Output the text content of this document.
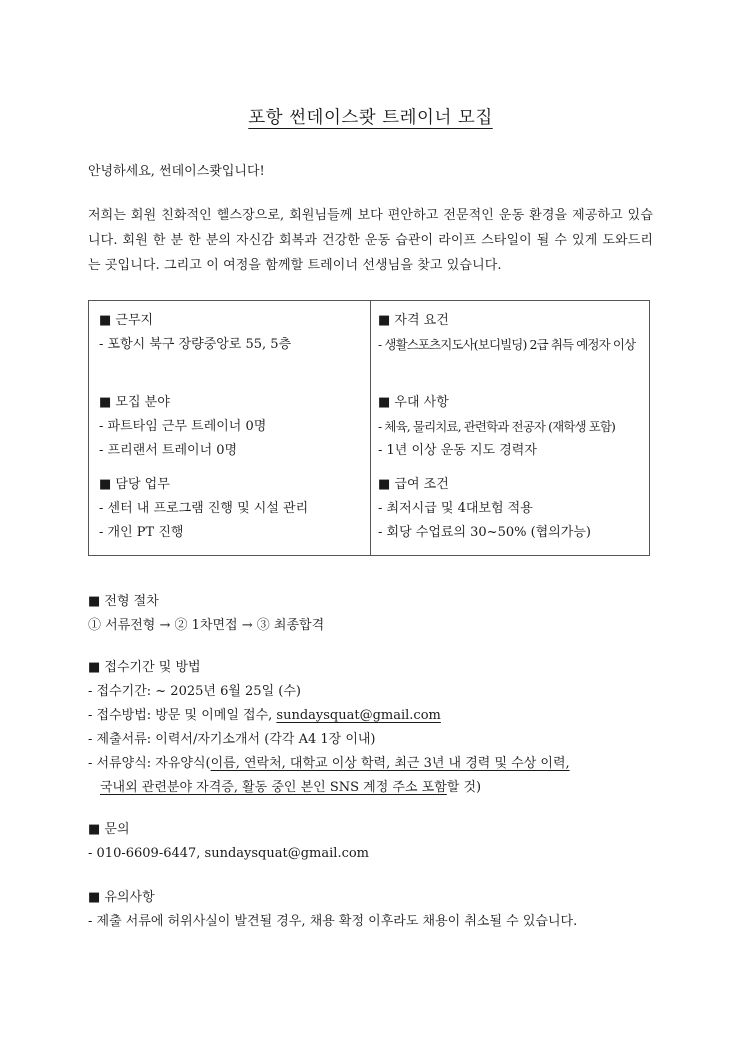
포항 썬데이스쾃 트레이너 모집
안녕하세요, 썬데이스쾃입니다!
저희는 회원 친화적인 헬스장으로, 회원님들께 보다 편안하고 전문적인 운동 환경을 제공하고 있습니다. 회원 한 분 한 분의 자신감 회복과 건강한 운동 습관이 라이프 스타일이 될 수 있게 도와드리는 곳입니다. 그리고 이 여정을 함께할 트레이너 선생님을 찾고 있습니다.
■ 근무지
- 포항시 북구 장량중앙로 55, 5층
■ 모집 분야
- 파트타임 근무 트레이너 0명
- 프리랜서 트레이너 0명
■ 담당 업무
- 센터 내 프로그램 진행 및 시설 관리
- 개인 PT 진행
■ 자격 요건
- 생활스포츠지도사(보디빌딩) 2급 취득 예정자 이상
■ 우대 사항
- 체육, 물리치료, 관련학과 전공자 (재학생 포함)
- 1년 이상 운동 지도 경력자
■ 급여 조건
- 최저시급 및 4대보험 적용
- 회당 수업료의 30~50% (협의가능)
■ 전형 절차
① 서류전형 → ② 1차면접 → ③ 최종합격
■ 접수기간 및 방법
- 접수기간: ~ 2025년 6월 25일 (수)
- 접수방법: 방문 및 이메일 접수, sundaysquat@gmail.com
- 제출서류: 이력서/자기소개서 (각각 A4 1장 이내)
- 서류양식: 자유양식(이름, 연락처, 대학교 이상 학력, 최근 3년 내 경력 및 수상 이력,
국내외 관련분야 자격증, 활동 중인 본인 SNS 계정 주소 포함할 것)
■ 문의
- 010-6609-6447, sundaysquat@gmail.com
■ 유의사항
- 제출 서류에 허위사실이 발견될 경우, 채용 확정 이후라도 채용이 취소될 수 있습니다.
